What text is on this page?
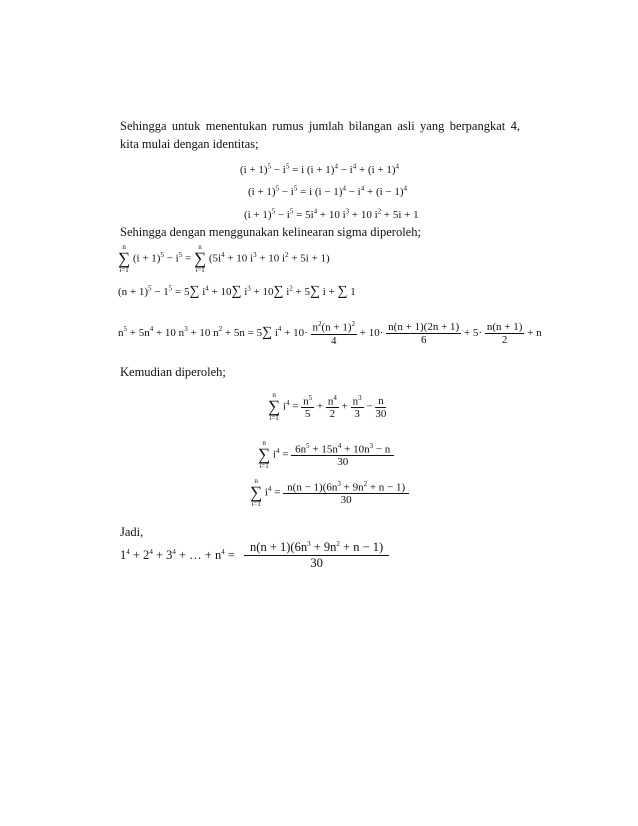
Sehingga untuk menentukan rumus jumlah bilangan asli yang berpangkat 4, kita mulai dengan identitas;
$(i + 1)^5 - i^5 = i$ $(i + 1)^4 - i^4 + (i + 1)^4$
$(i + 1)^5 - i^5 = i$ $(i - 1)^4 - i^4 + (i - 1)^4$
$(i + 1)^5 - i^5 = 5i^4 + 10$ $i^3 + 10$ $i^2 + 5i + 1$
Sehingga dengan menggunakan kelinearan sigma diperoleh;
n
∑
i=1
$(i + 1)^5 - i^5$ =
n
∑
i=1
($5i^4 + 10$ $i^3 + 10$ $i^2 + 5i + 1$)
$(n + 1)^5 - 1^5 = 5\sum$ $i^4 + 10\sum$ $i^3 + 10\sum$ $i^2 + 5\sum$ i + ∑ 1
$n^5 + 5n^4 + 10$ $n^3 + 10$ $n^2 + 5n = 5\sum$ $i^4 + 10\cdot \frac{n^2(n + 1)^2}{4} + 10\cdot \frac{n(n + 1)(2n + 1)}{6} + 5\cdot \frac{n(n + 1)}{2} + n$
Kemudian diperoleh;
n
∑
i=1
$i^4 = \frac{n^5}{5} + \frac{n^4}{2} + \frac{n^3}{3} - \frac{n}{30}$
n
∑
i=1
$i^4 = \frac{6n^5 + 15n^4 + 10n^3 - n}{30}$
n
∑
i=1
$i^4 = \frac{n(n - 1)(6n^3 + 9n^2 + n - 1)}{30}$
Jadi,
$1^4 + 2^4 + 3^4$ + … + $n^4 = \frac{n(n + 1)(6n^3 + 9n^2 + n - 1)}{30}$
